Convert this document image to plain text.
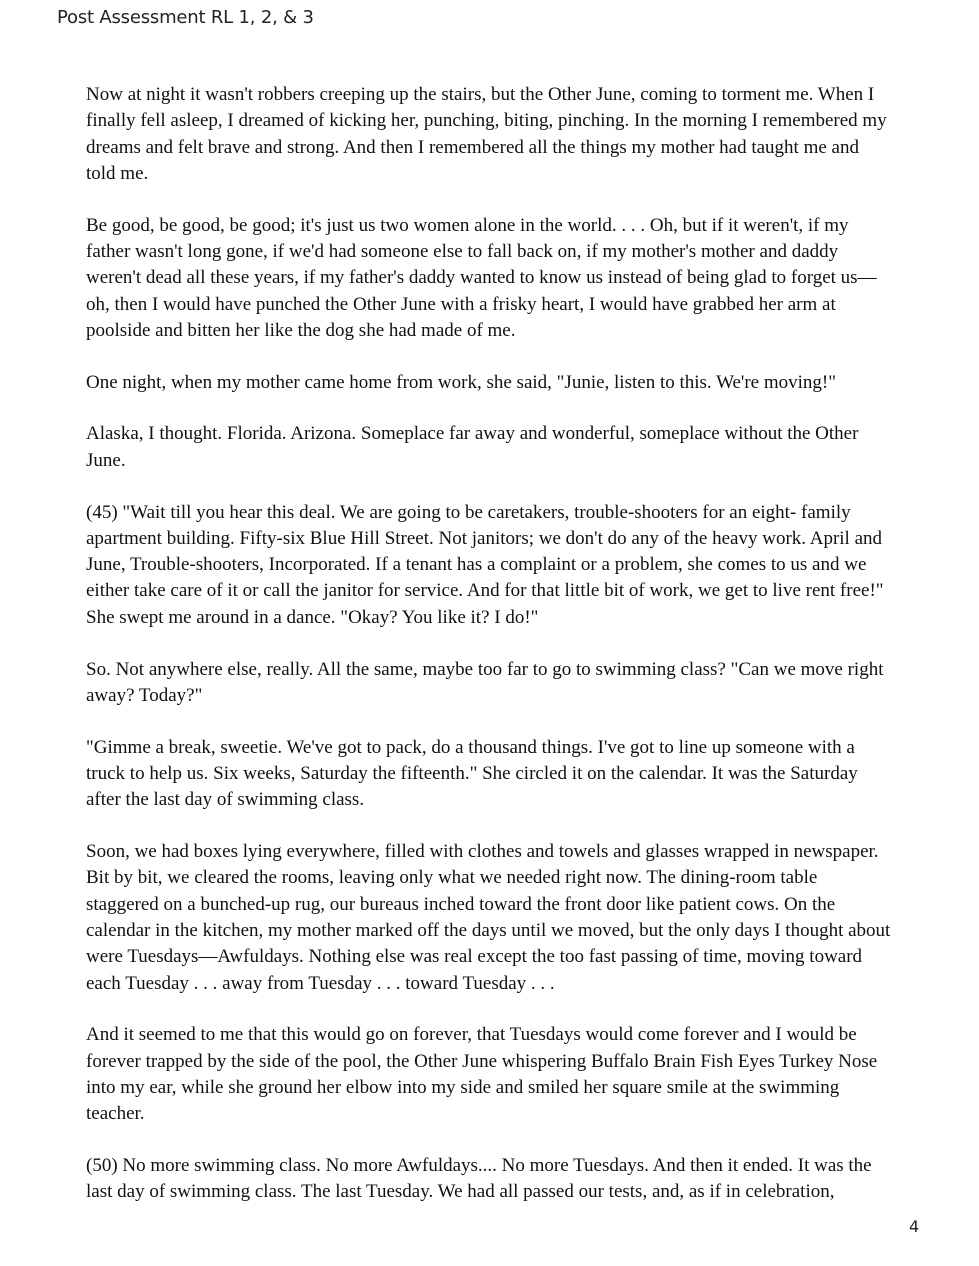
Post Assessment RL 1, 2, & 3

Now at night it wasn't robbers creeping up the stairs, but the Other June, coming to torment me. When I finally fell asleep, I dreamed of kicking her, punching, biting, pinching. In the morning I remembered my dreams and felt brave and strong. And then I remembered all the things my mother had taught me and told me.

Be good, be good, be good; it's just us two women alone in the world. . . . Oh, but if it weren't, if my father wasn't long gone, if we'd had someone else to fall back on, if my mother's mother and daddy weren't dead all these years, if my father's daddy wanted to know us instead of being glad to forget us—oh, then I would have punched the Other June with a frisky heart, I would have grabbed her arm at poolside and bitten her like the dog she had made of me.

One night, when my mother came home from work, she said, "Junie, listen to this. We're moving!"

Alaska, I thought. Florida. Arizona. Someplace far away and wonderful, someplace without the Other June.

(45) "Wait till you hear this deal. We are going to be caretakers, trouble-shooters for an eight- family apartment building. Fifty-six Blue Hill Street. Not janitors; we don't do any of the heavy work. April and June, Trouble-shooters, Incorporated. If a tenant has a complaint or a problem, she comes to us and we either take care of it or call the janitor for service. And for that little bit of work, we get to live rent free!" She swept me around in a dance. "Okay? You like it? I do!"

So. Not anywhere else, really. All the same, maybe too far to go to swimming class? "Can we move right away? Today?"

"Gimme a break, sweetie. We've got to pack, do a thousand things. I've got to line up someone with a truck to help us. Six weeks, Saturday the fifteenth." She circled it on the calendar. It was the Saturday after the last day of swimming class.

Soon, we had boxes lying everywhere, filled with clothes and towels and glasses wrapped in newspaper. Bit by bit, we cleared the rooms, leaving only what we needed right now. The dining-room table staggered on a bunched-up rug, our bureaus inched toward the front door like patient cows. On the calendar in the kitchen, my mother marked off the days until we moved, but the only days I thought about were Tuesdays—Awfuldays. Nothing else was real except the too fast passing of time, moving toward each Tuesday . . . away from Tuesday . . . toward Tuesday . . .

And it seemed to me that this would go on forever, that Tuesdays would come forever and I would be forever trapped by the side of the pool, the Other June whispering Buffalo Brain Fish Eyes Turkey Nose into my ear, while she ground her elbow into my side and smiled her square smile at the swimming teacher.

(50) No more swimming class. No more Awfuldays.... No more Tuesdays. And then it ended. It was the last day of swimming class. The last Tuesday. We had all passed our tests, and, as if in celebration,

4
